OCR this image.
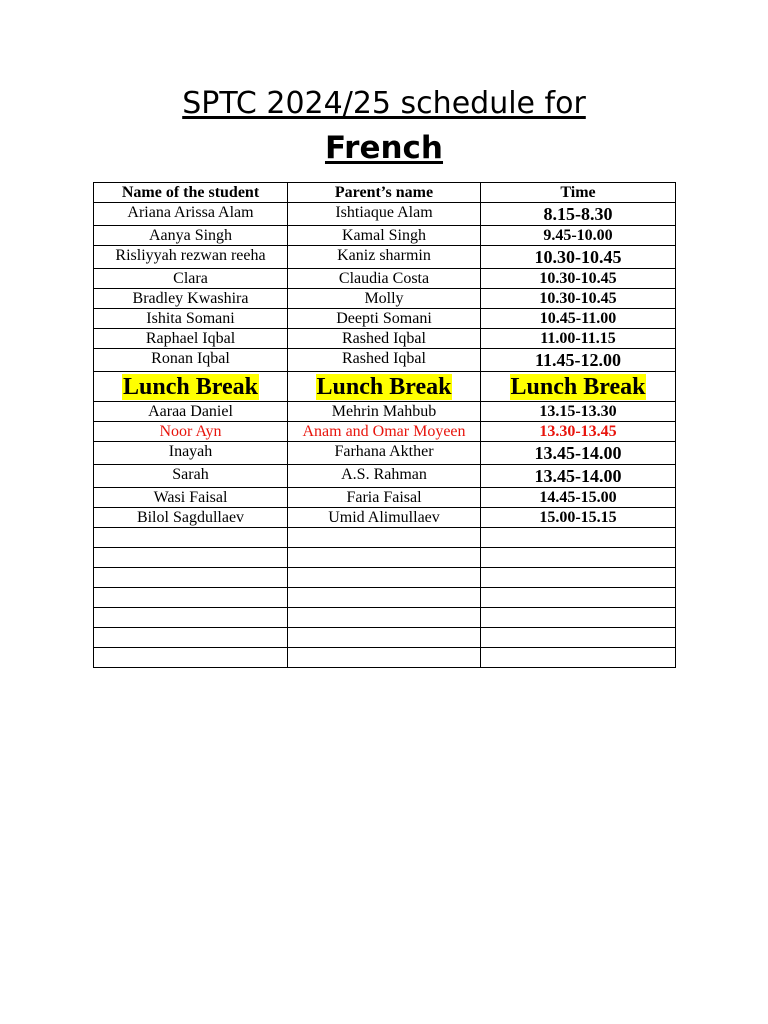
SPTC 2024/25 schedule for
French
Name of the student	Parent’s name	Time
Ariana Arissa Alam	Ishtiaque Alam	8.15-8.30
Aanya Singh	Kamal Singh	9.45-10.00
Risliyyah rezwan reeha	Kaniz sharmin	10.30-10.45
Clara	Claudia Costa	10.30-10.45
Bradley Kwashira	Molly	10.30-10.45
Ishita Somani	Deepti Somani	10.45-11.00
Raphael Iqbal	Rashed Iqbal	11.00-11.15
Ronan Iqbal	Rashed Iqbal	11.45-12.00
Lunch Break	Lunch Break	Lunch Break
Aaraa Daniel	Mehrin Mahbub	13.15-13.30
Noor Ayn	Anam and Omar Moyeen	13.30-13.45
Inayah	Farhana Akther	13.45-14.00
Sarah	A.S. Rahman	13.45-14.00
Wasi Faisal	Faria Faisal	14.45-15.00
Bilol Sagdullaev	Umid Alimullaev	15.00-15.15
